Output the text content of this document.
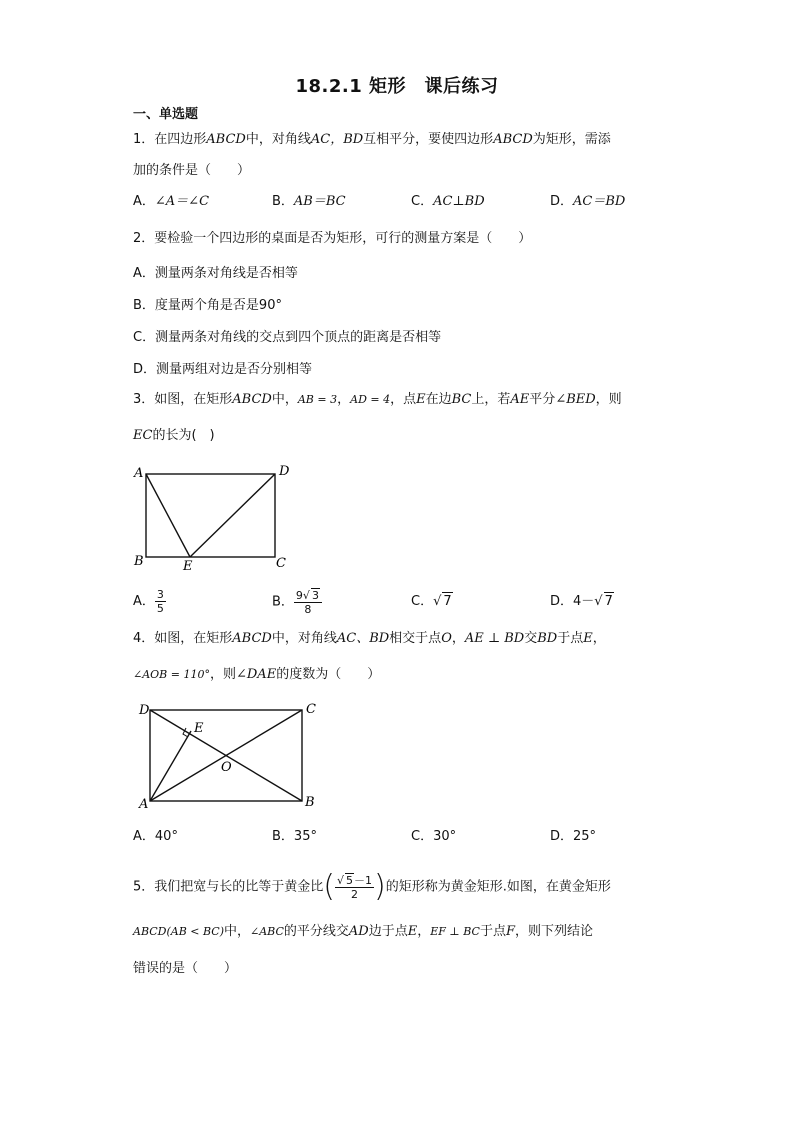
18.2.1 矩形　课后练习
一、单选题
1．在四边形ABCD中，对角线AC，BD互相平分，要使四边形ABCD为矩形，需添
加的条件是（　　）
A．∠A＝∠C	B．AB＝BC	C．AC⊥BD	D．AC＝BD
2．要检验一个四边形的桌面是否为矩形，可行的测量方案是（　　）
A．测量两条对角线是否相等
B．度量两个角是否是90°
C．测量两条对角线的交点到四个顶点的距离是否相等
D．测量两组对边是否分别相等
3．如图，在矩形ABCD中，AB = 3，AD = 4，点E在边BC上，若AE平分∠BED，则
EC的长为(　)
A	D
B	C
E
A． $\frac{3}{5}$	B． $\frac{9√ 3}{8}$	C．√ 7	D．4－√ 7
4．如图，在矩形ABCD中，对角线AC、BD相交于点O，AE ⊥ BD交BD于点E，
∠AOB = 110°，则∠DAE的度数为（　　）
D	C
A	B
E
O
A．40°	B．35°	C．30°	D．25°
5．我们把宽与长的比等于黄金比( $\frac{√ 5-1}{2}$ )的矩形称为黄金矩形.如图，在黄金矩形
ABCD(AB < BC)中，∠ABC的平分线交AD边于点E，EF ⊥ BC于点F，则下列结论
错误的是（　　）
